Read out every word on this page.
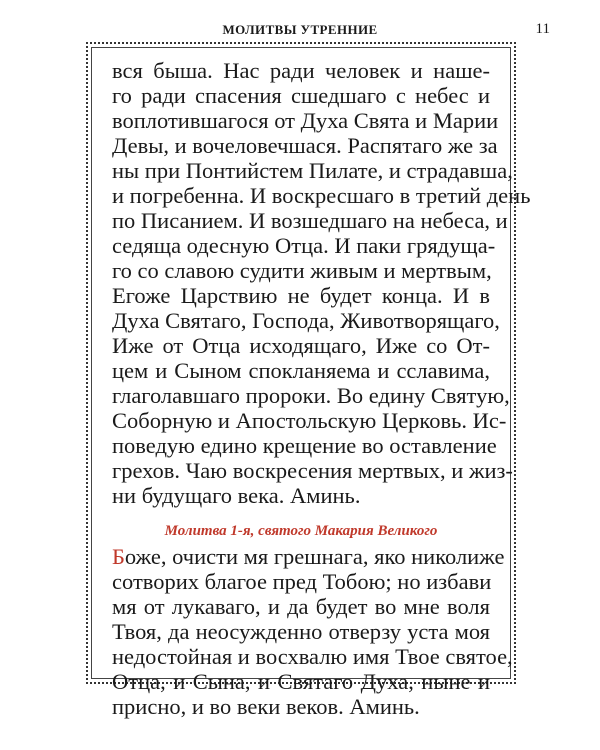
МОЛИТВЫ УТРЕННИЕ	11
вся быша. Нас ради человек и наше-
го ради спасения сшедшаго с небес и
воплотившагося от Духа Свята и Марии
Девы, и вочеловечшася. Распятаго же за
ны при Понтийстем Пилате, и страдавша,
и погребенна. И воскресшаго в третий день
по Писанием. И возшедшаго на небеса, и
седяща одесную Отца. И паки грядуща-
го со славою судити живым и мертвым,
Егоже Царствию не будет конца. И в
Духа Святаго, Господа, Животворящаго,
Иже от Отца исходящаго, Иже со От-
цем и Сыном спокланяема и сславима,
глаголавшаго пророки. Во едину Святую,
Соборную и Апостольскую Церковь. Ис-
поведую едино крещение во оставление
грехов. Чаю воскресения мертвых, и жиз-
ни будущаго века. Аминь.
Молитва 1-я, святого Макария Великого
Боже, очисти мя грешнага, яко николиже
сотворих благое пред Тобою; но избави
мя от лукаваго, и да будет во мне воля
Твоя, да неосужденно отверзу уста моя
недостойная и восхвалю имя Твое святое,
Отца, и Сына, и Святаго Духа, ныне и
присно, и во веки веков. Аминь.
